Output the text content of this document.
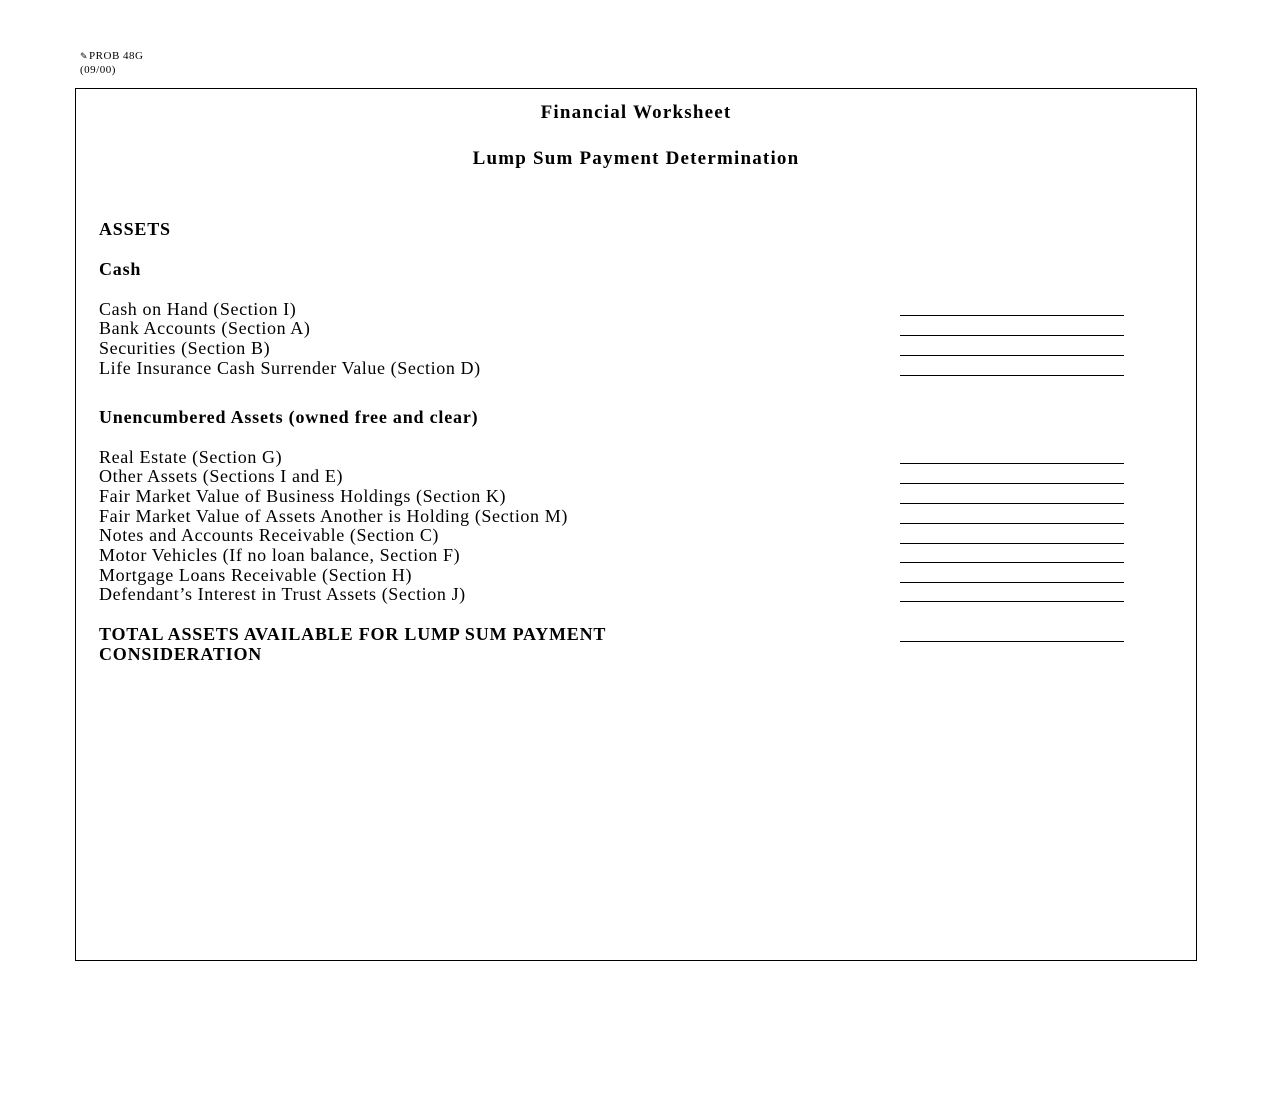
✎PROB 48G
(09/00)
Financial Worksheet
Lump Sum Payment Determination
ASSETS
Cash
Cash on Hand (Section I)
Bank Accounts (Section A)
Securities (Section B)
Life Insurance Cash Surrender Value (Section D)
Unencumbered Assets (owned free and clear)
Real Estate (Section G)
Other Assets (Sections I and E)
Fair Market Value of Business Holdings (Section K)
Fair Market Value of Assets Another is Holding (Section M)
Notes and Accounts Receivable (Section C)
Motor Vehicles (If no loan balance, Section F)
Mortgage Loans Receivable (Section H)
Defendant’s Interest in Trust Assets (Section J)
TOTAL ASSETS AVAILABLE FOR LUMP SUM PAYMENT
CONSIDERATION
